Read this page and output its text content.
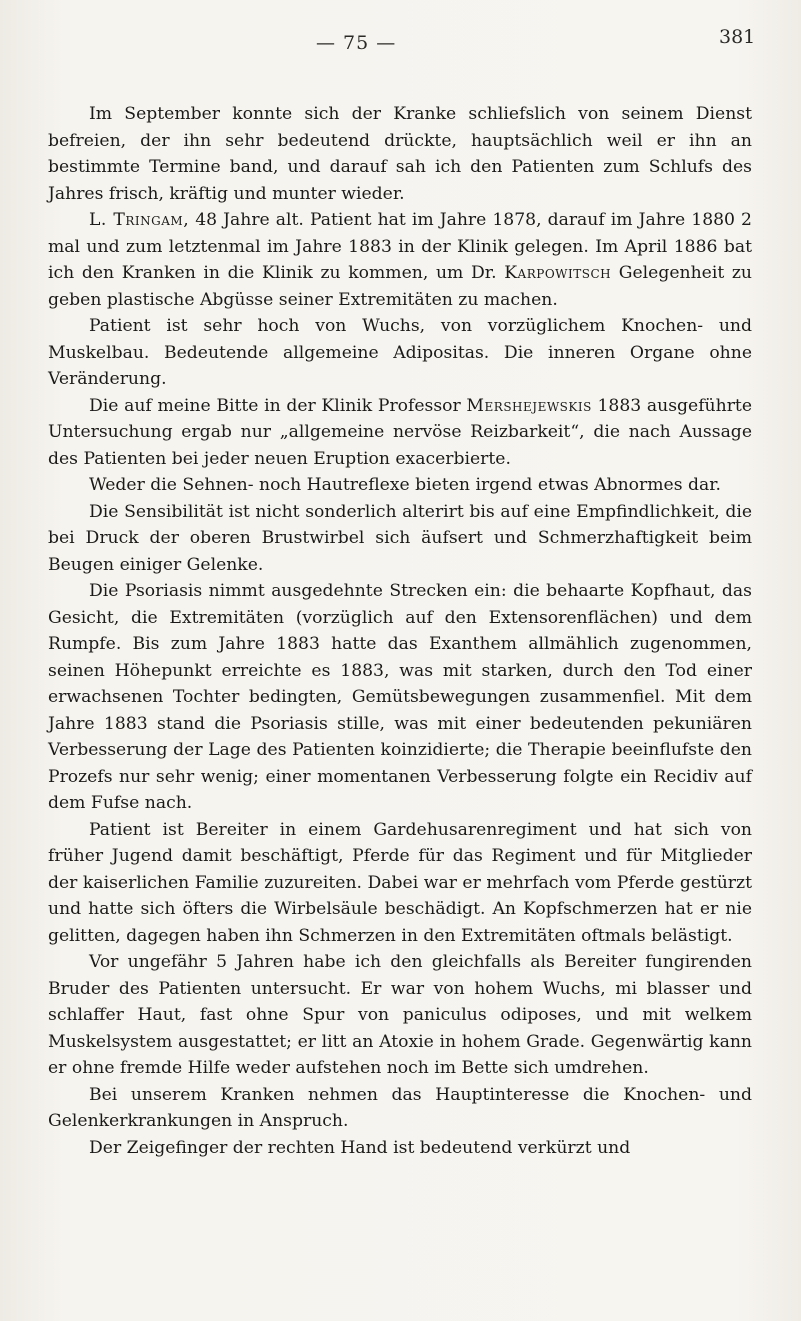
— 75 —	381

Im September konnte sich der Kranke schliefslich von seinem Dienst befreien, der ihn sehr bedeutend drückte, hauptsächlich weil er ihn an bestimmte Termine band, und darauf sah ich den Patienten zum Schlufs des Jahres frisch, kräftig und munter wieder.

L. Tringam, 48 Jahre alt. Patient hat im Jahre 1878, darauf im Jahre 1880 2 mal und zum letztenmal im Jahre 1883 in der Klinik gelegen. Im April 1886 bat ich den Kranken in die Klinik zu kommen, um Dr. Karpowitsch Gelegenheit zu geben plastische Abgüsse seiner Extremitäten zu machen.

Patient ist sehr hoch von Wuchs, von vorzüglichem Knochen- und Muskelbau. Bedeutende allgemeine Adipositas. Die inneren Organe ohne Veränderung.

Die auf meine Bitte in der Klinik Professor Mershejewskis 1883 ausgeführte Untersuchung ergab nur „allgemeine nervöse Reizbarkeit“, die nach Aussage des Patienten bei jeder neuen Eruption exacerbierte.

Weder die Sehnen- noch Hautreflexe bieten irgend etwas Abnormes dar.

Die Sensibilität ist nicht sonderlich alterirt bis auf eine Empfindlichkeit, die bei Druck der oberen Brustwirbel sich äufsert und Schmerzhaftigkeit beim Beugen einiger Gelenke.

Die Psoriasis nimmt ausgedehnte Strecken ein: die behaarte Kopfhaut, das Gesicht, die Extremitäten (vorzüglich auf den Extensorenflächen) und dem Rumpfe. Bis zum Jahre 1883 hatte das Exanthem allmählich zugenommen, seinen Höhepunkt erreichte es 1883, was mit starken, durch den Tod einer erwachsenen Tochter bedingten, Gemütsbewegungen zusammenfiel. Mit dem Jahre 1883 stand die Psoriasis stille, was mit einer bedeutenden pekuniären Verbesserung der Lage des Patienten koinzidierte; die Therapie beeinflufste den Prozefs nur sehr wenig; einer momentanen Verbesserung folgte ein Recidiv auf dem Fufse nach.

Patient ist Bereiter in einem Gardehusarenregiment und hat sich von früher Jugend damit beschäftigt, Pferde für das Regiment und für Mitglieder der kaiserlichen Familie zuzureiten. Dabei war er mehrfach vom Pferde gestürzt und hatte sich öfters die Wirbelsäule beschädigt. An Kopfschmerzen hat er nie gelitten, dagegen haben ihn Schmerzen in den Extremitäten oftmals belästigt.

Vor ungefähr 5 Jahren habe ich den gleichfalls als Bereiter fungirenden Bruder des Patienten untersucht. Er war von hohem Wuchs, mi blasser und schlaffer Haut, fast ohne Spur von paniculus odiposes, und mit welkem Muskelsystem ausgestattet; er litt an Atoxie in hohem Grade. Gegenwärtig kann er ohne fremde Hilfe weder aufstehen noch im Bette sich umdrehen.

Bei unserem Kranken nehmen das Hauptinteresse die Knochen- und Gelenkerkrankungen in Anspruch.

Der Zeigefinger der rechten Hand ist bedeutend verkürzt und
